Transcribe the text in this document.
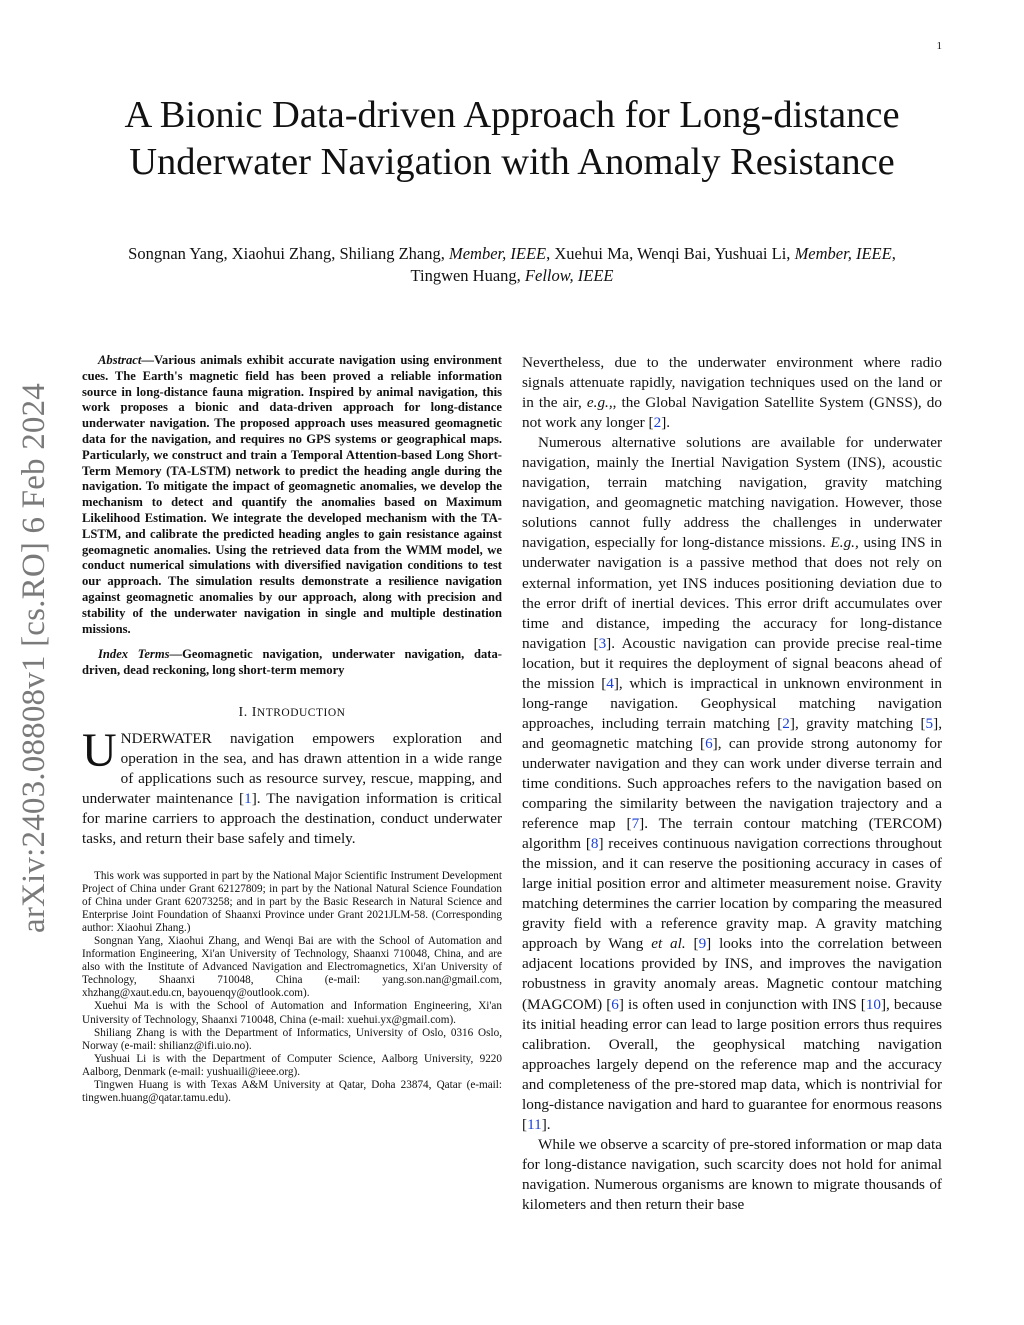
1
arXiv:2403.08808v1 [cs.RO] 6 Feb 2024
A Bionic Data-driven Approach for Long-distance Underwater Navigation with Anomaly Resistance
Songnan Yang, Xiaohui Zhang, Shiliang Zhang, Member, IEEE, Xuehui Ma, Wenqi Bai, Yushuai Li, Member, IEEE, Tingwen Huang, Fellow, IEEE

Abstract—Various animals exhibit accurate navigation using environment cues. The Earth's magnetic field has been proved a reliable information source in long-distance fauna migration. Inspired by animal navigation, this work proposes a bionic and data-driven approach for long-distance underwater navigation. The proposed approach uses measured geomagnetic data for the navigation, and requires no GPS systems or geographical maps. Particularly, we construct and train a Temporal Attention-based Long Short-Term Memory (TA-LSTM) network to predict the heading angle during the navigation. To mitigate the impact of geomagnetic anomalies, we develop the mechanism to detect and quantify the anomalies based on Maximum Likelihood Estimation. We integrate the developed mechanism with the TA-LSTM, and calibrate the predicted heading angles to gain resistance against geomagnetic anomalies. Using the retrieved data from the WMM model, we conduct numerical simulations with diversified navigation conditions to test our approach. The simulation results demonstrate a resilience navigation against geomagnetic anomalies by our approach, along with precision and stability of the underwater navigation in single and multiple destination missions.

Index Terms—Geomagnetic navigation, underwater navigation, data-driven, dead reckoning, long short-term memory

I. INTRODUCTION

UNDERWATER navigation empowers exploration and operation in the sea, and has drawn attention in a wide range of applications such as resource survey, rescue, mapping, and underwater maintenance [1]. The navigation information is critical for marine carriers to approach the destination, conduct underwater tasks, and return their base safely and timely.

This work was supported in part by the National Major Scientific Instrument Development Project of China under Grant 62127809; in part by the National Natural Science Foundation of China under Grant 62073258; and in part by the Basic Research in Natural Science and Enterprise Joint Foundation of Shaanxi Province under Grant 2021JLM-58. (Corresponding author: Xiaohui Zhang.)

Songnan Yang, Xiaohui Zhang, and Wenqi Bai are with the School of Automation and Information Engineering, Xi'an University of Technology, Shaanxi 710048, China, and are also with the Institute of Advanced Navigation and Electromagnetics, Xi'an University of Technology, Shaanxi 710048, China (e-mail: yang.son.nan@gmail.com, xhzhang@xaut.edu.cn, bayouenqy@outlook.com).

Xuehui Ma is with the School of Automation and Information Engineering, Xi'an University of Technology, Shaanxi 710048, China (e-mail: xuehui.yx@gmail.com).

Shiliang Zhang is with the Department of Informatics, University of Oslo, 0316 Oslo, Norway (e-mail: shilianz@ifi.uio.no).

Yushuai Li is with the Department of Computer Science, Aalborg University, 9220 Aalborg, Denmark (e-mail: yushuaili@ieee.org).

Tingwen Huang is with Texas A&M University at Qatar, Doha 23874, Qatar (e-mail: tingwen.huang@qatar.tamu.edu).

Nevertheless, due to the underwater environment where radio signals attenuate rapidly, navigation techniques used on the land or in the air, e.g.,, the Global Navigation Satellite System (GNSS), do not work any longer [2].

Numerous alternative solutions are available for underwater navigation, mainly the Inertial Navigation System (INS), acoustic navigation, terrain matching navigation, gravity matching navigation, and geomagnetic matching navigation. However, those solutions cannot fully address the challenges in underwater navigation, especially for long-distance missions. E.g., using INS in underwater navigation is a passive method that does not rely on external information, yet INS induces positioning deviation due to the error drift of inertial devices. This error drift accumulates over time and distance, impeding the accuracy for long-distance navigation [3]. Acoustic navigation can provide precise real-time location, but it requires the deployment of signal beacons ahead of the mission [4], which is impractical in unknown environment in long-range navigation. Geophysical matching navigation approaches, including terrain matching [2], gravity matching [5], and geomagnetic matching [6], can provide strong autonomy for underwater navigation and they can work under diverse terrain and time conditions. Such approaches refers to the navigation based on comparing the similarity between the navigation trajectory and a reference map [7]. The terrain contour matching (TERCOM) algorithm [8] receives continuous navigation corrections throughout the mission, and it can reserve the positioning accuracy in cases of large initial position error and altimeter measurement noise. Gravity matching determines the carrier location by comparing the measured gravity field with a reference gravity map. A gravity matching approach by Wang et al. [9] looks into the correlation between adjacent locations provided by INS, and improves the navigation robustness in gravity anomaly areas. Magnetic contour matching (MAGCOM) [6] is often used in conjunction with INS [10], because its initial heading error can lead to large position errors thus requires calibration. Overall, the geophysical matching navigation approaches largely depend on the reference map and the accuracy and completeness of the pre-stored map data, which is nontrivial for long-distance navigation and hard to guarantee for enormous reasons [11].

While we observe a scarcity of pre-stored information or map data for long-distance navigation, such scarcity does not hold for animal navigation. Numerous organisms are known to migrate thousands of kilometers and then return their base
